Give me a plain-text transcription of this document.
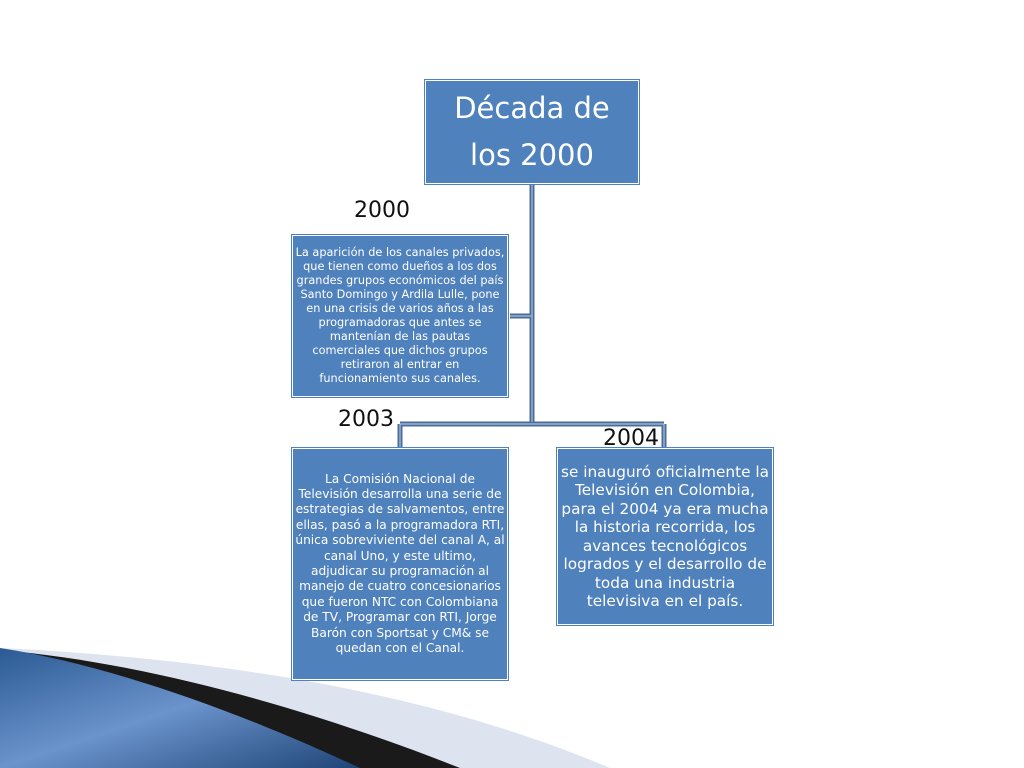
Década de los 2000
2000
La aparición de los canales privados, que tienen como dueños a los dos grandes grupos económicos del país Santo Domingo y Ardila Lulle, pone en una crisis de varios años a las programadoras que antes se mantenían de las pautas comerciales que dichos grupos retiraron al entrar en funcionamiento sus canales.
2003
La Comisión Nacional de Televisión desarrolla una serie de estrategias de salvamentos, entre ellas, pasó a la programadora RTI, única sobreviviente del canal A, al canal Uno, y este ultimo, adjudicar su programación al manejo de cuatro concesionarios que fueron NTC con Colombiana de TV, Programar con RTI, Jorge Barón con Sportsat y CM& se quedan con el Canal.
se inauguró oficialmente la Televisión en Colombia, para el 2004 ya era mucha la historia recorrida, los avances tecnológicos logrados y el desarrollo de toda una industria televisiva en el país.
2004
